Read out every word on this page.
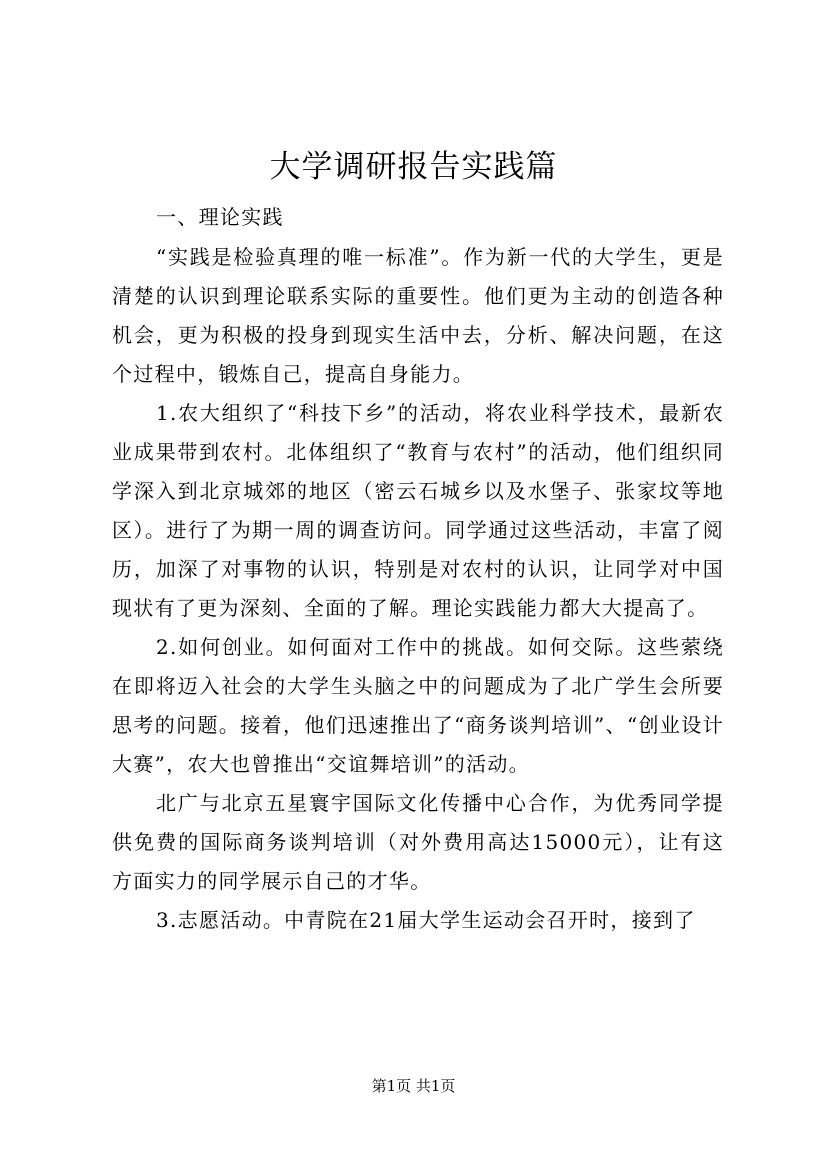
大学调研报告实践篇

一、理论实践

“实践是检验真理的唯一标准”。作为新一代的大学生，更是清楚的认识到理论联系实际的重要性。他们更为主动的创造各种机会，更为积极的投身到现实生活中去，分析、解决问题，在这个过程中，锻炼自己，提高自身能力。

1.农大组织了“科技下乡”的活动，将农业科学技术，最新农业成果带到农村。北体组织了“教育与农村”的活动，他们组织同学深入到北京城郊的地区（密云石城乡以及水堡子、张家坟等地区）。进行了为期一周的调查访问。同学通过这些活动，丰富了阅历，加深了对事物的认识，特别是对农村的认识，让同学对中国现状有了更为深刻、全面的了解。理论实践能力都大大提高了。

2.如何创业。如何面对工作中的挑战。如何交际。这些萦绕在即将迈入社会的大学生头脑之中的问题成为了北广学生会所要思考的问题。接着，他们迅速推出了“商务谈判培训”、“创业设计大赛”，农大也曾推出“交谊舞培训”的活动。

北广与北京五星寰宇国际文化传播中心合作，为优秀同学提供免费的国际商务谈判培训（对外费用高达15000元），让有这方面实力的同学展示自己的才华。

3.志愿活动。中青院在21届大学生运动会召开时，接到了

第1页 共1页
